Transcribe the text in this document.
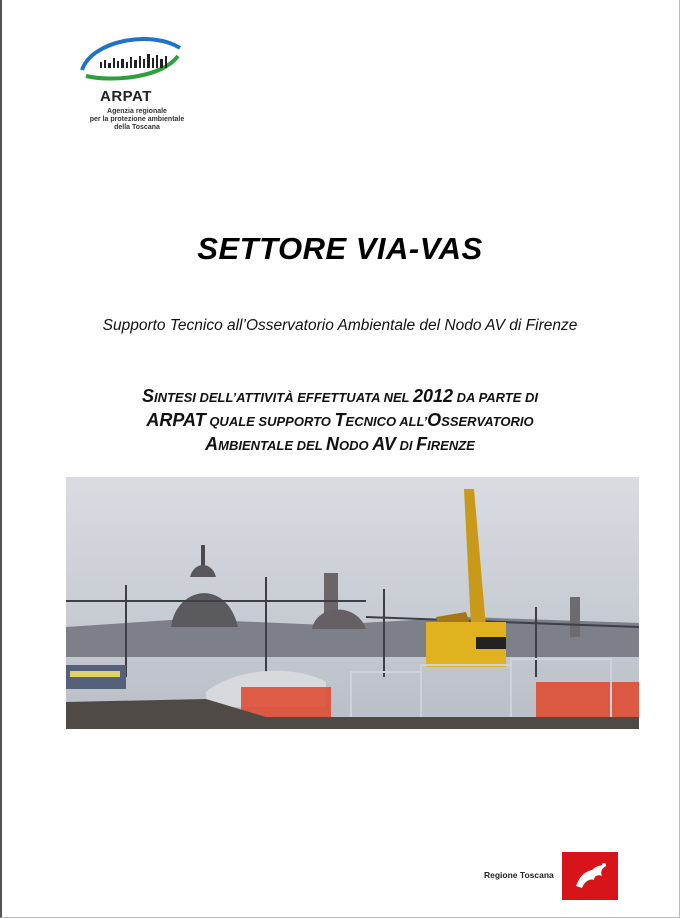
ARPAT
Agenzia regionale
per la protezione ambientale
della Toscana
SETTORE VIA-VAS
Supporto Tecnico all’Osservatorio Ambientale del Nodo AV di Firenze
SINTESI DELL’ATTIVITÀ EFFETTUATA NEL 2012 DA PARTE DI
ARPAT QUALE SUPPORTO TECNICO ALL’OSSERVATORIO
AMBIENTALE DEL NODO AV DI FIRENZE
Regione Toscana
